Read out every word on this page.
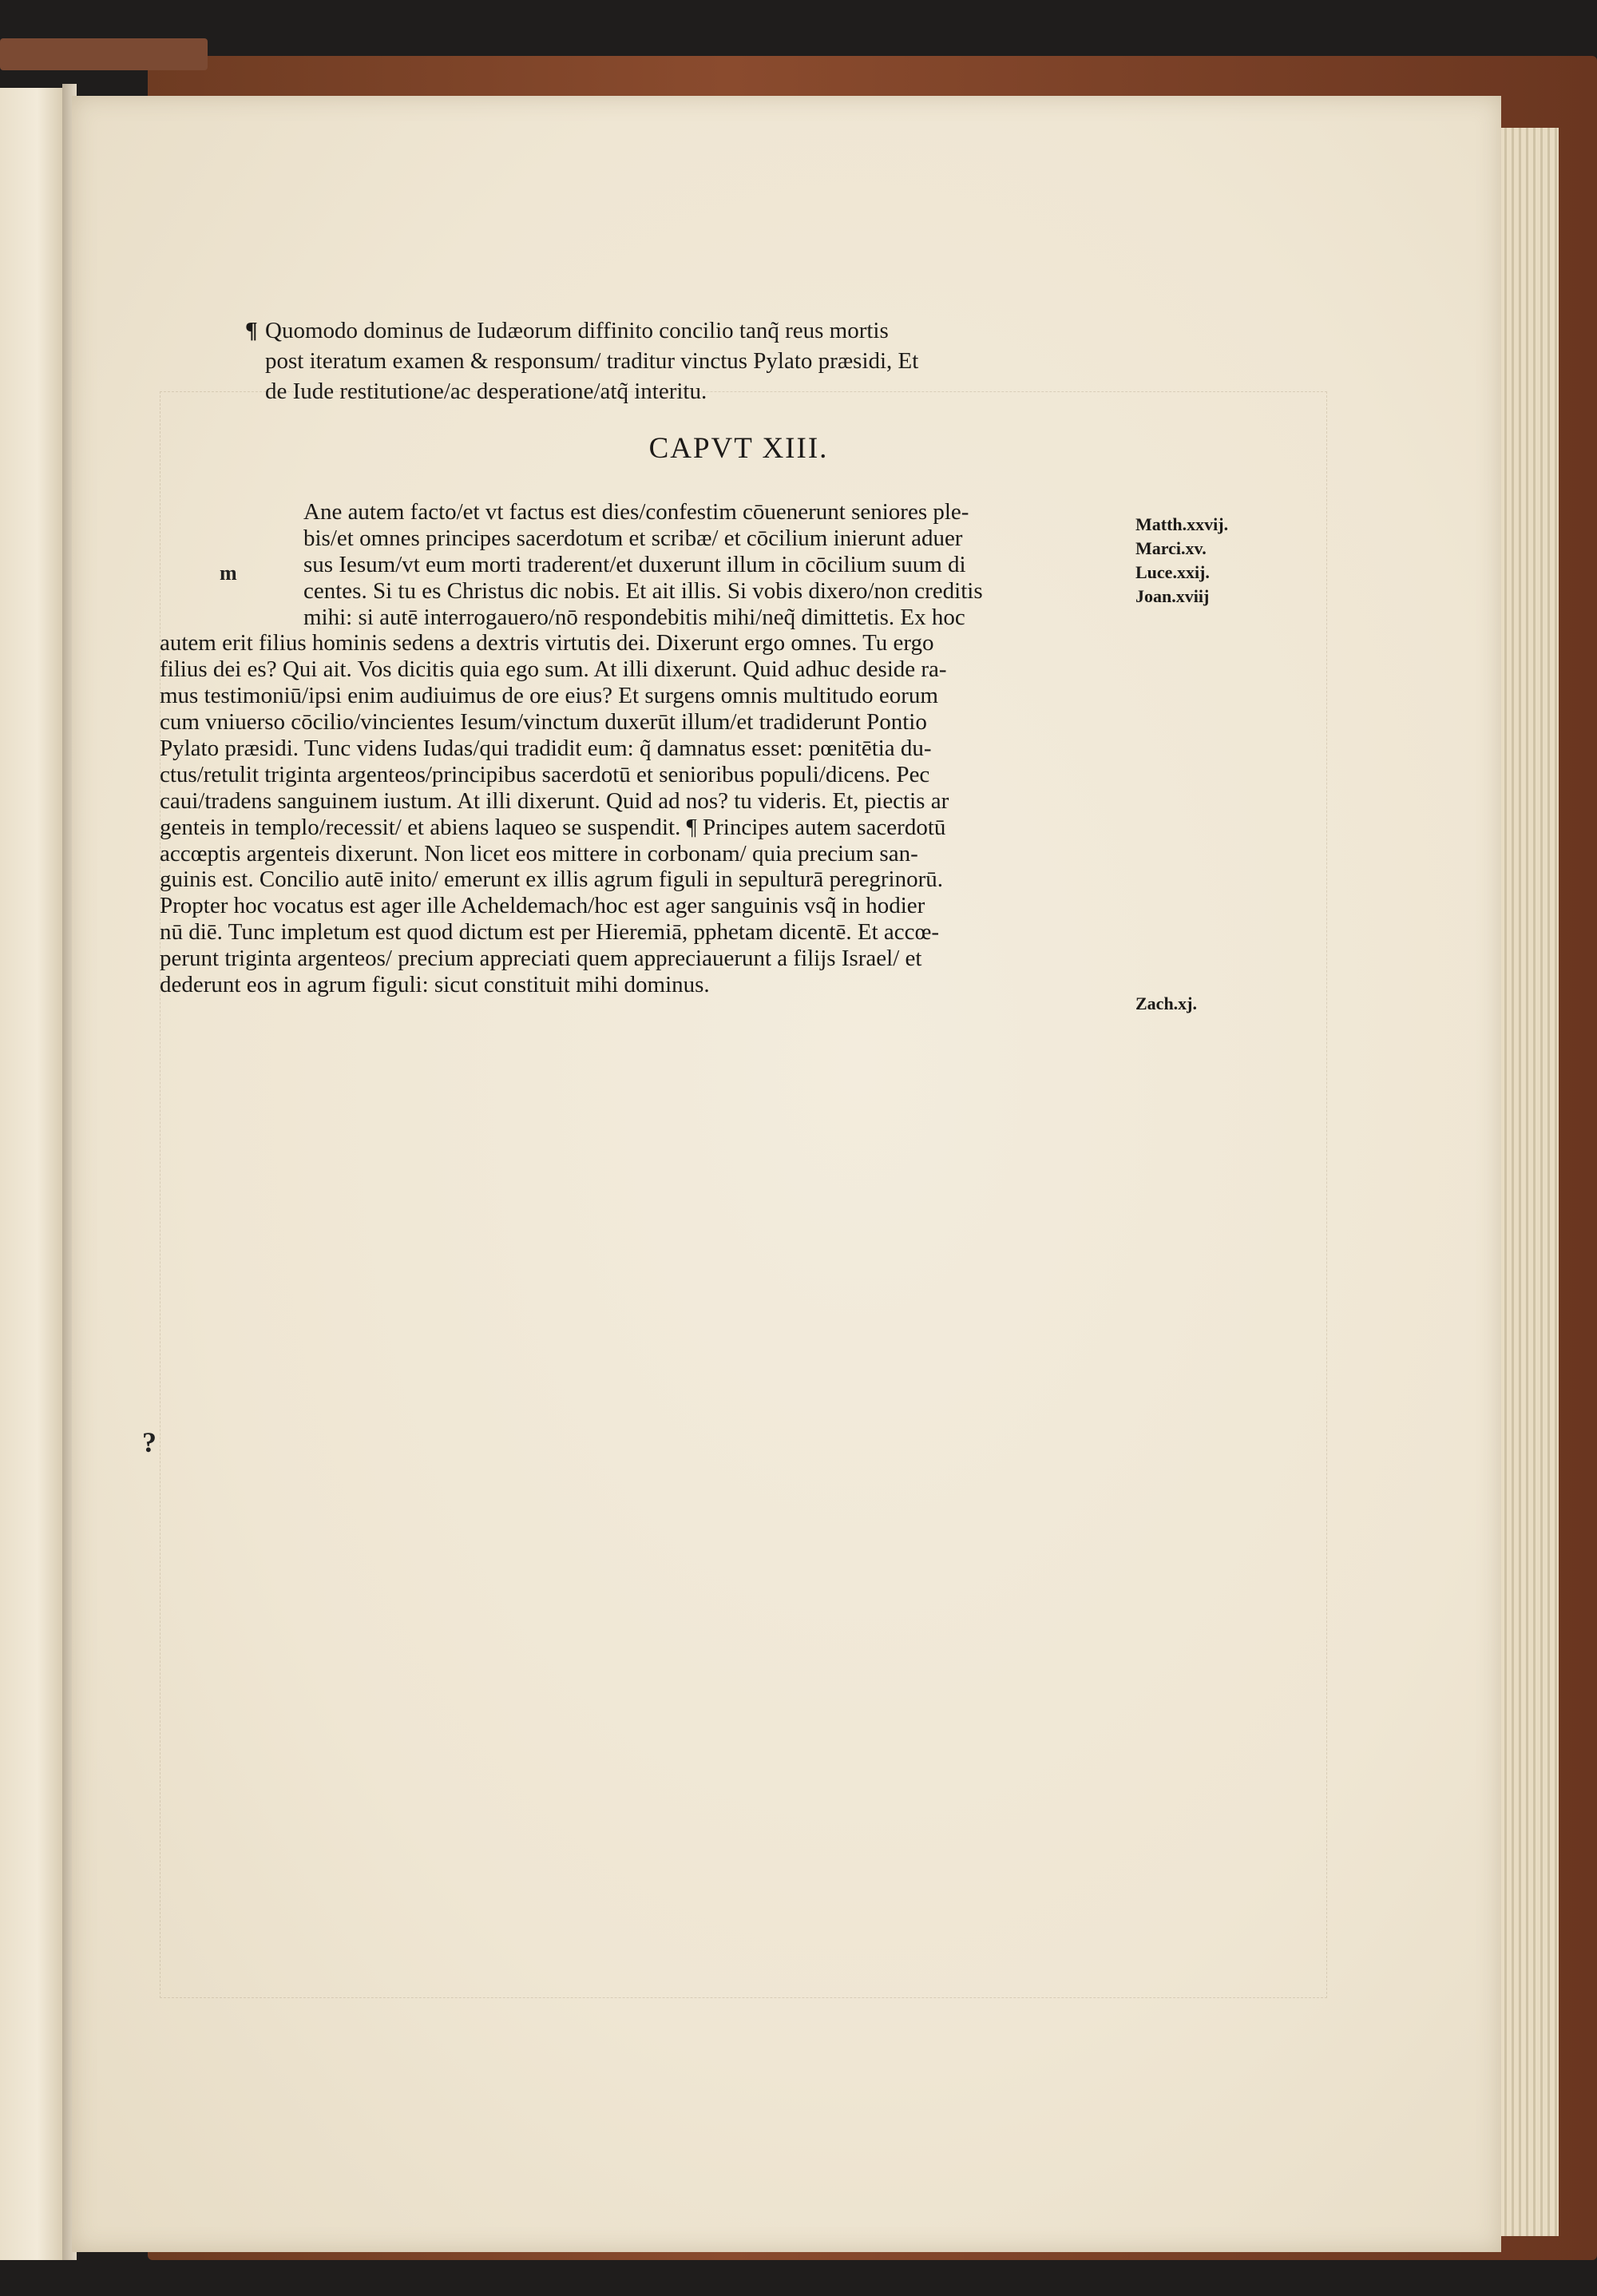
¶ Quomodo dominus de Iudæorum diffinito concilio tanq̃ reus mortis
post iteratum examen & responsum/ traditur vinctus Pylato præsidi, Et
de Iude restitutione/ac desperatione/atq̃ interitu.
CAPVT XIII.
m
Ane autem facto/et vt factus est dies/confestim cōuenerunt seniores ple-
bis/et omnes principes sacerdotum et scribæ/ et cōcilium inierunt aduer
sus Iesum/vt eum morti traderent/et duxerunt illum in cōcilium suum di
centes. Si tu es Christus dic nobis. Et ait illis. Si vobis dixero/non creditis
mihi: si autē interrogauero/nō respondebitis mihi/neq̃ dimittetis. Ex hoc
autem erit filius hominis sedens a dextris virtutis dei. Dixerunt ergo omnes. Tu ergo
filius dei es? Qui ait. Vos dicitis quia ego sum. At illi dixerunt. Quid adhuc deside ra-
mus testimoniū/ipsi enim audiuimus de ore eius? Et surgens omnis multitudo eorum
cum vniuerso cōcilio/vincientes Iesum/vinctum duxerūt illum/et tradiderunt Pontio
Pylato præsidi. Tunc videns Iudas/qui tradidit eum: q̃ damnatus esset: pœnitētia du-
ctus/retulit triginta argenteos/principibus sacerdotū et senioribus populi/dicens. Pec
caui/tradens sanguinem iustum. At illi dixerunt. Quid ad nos? tu videris. Et, piectis ar
genteis in templo/recessit/ et abiens laqueo se suspendit. ¶ Principes autem sacerdotū
accœptis argenteis dixerunt. Non licet eos mittere in corbonam/ quia precium san-
guinis est. Concilio autē inito/ emerunt ex illis agrum figuli in sepulturā peregrinorū.
Propter hoc vocatus est ager ille Acheldemach/hoc est ager sanguinis vsq̃ in hodier
nū diē. Tunc impletum est quod dictum est per Hieremiā, pphetam dicentē. Et accœ-
perunt triginta argenteos/ precium appreciati quem appreciauerunt a filijs Israel/ et
dederunt eos in agrum figuli: sicut constituit mihi dominus.
Matth.xxvij.
Marci.xv.
Luce.xxij.
Joan.xviij
Zach.xj.
?
